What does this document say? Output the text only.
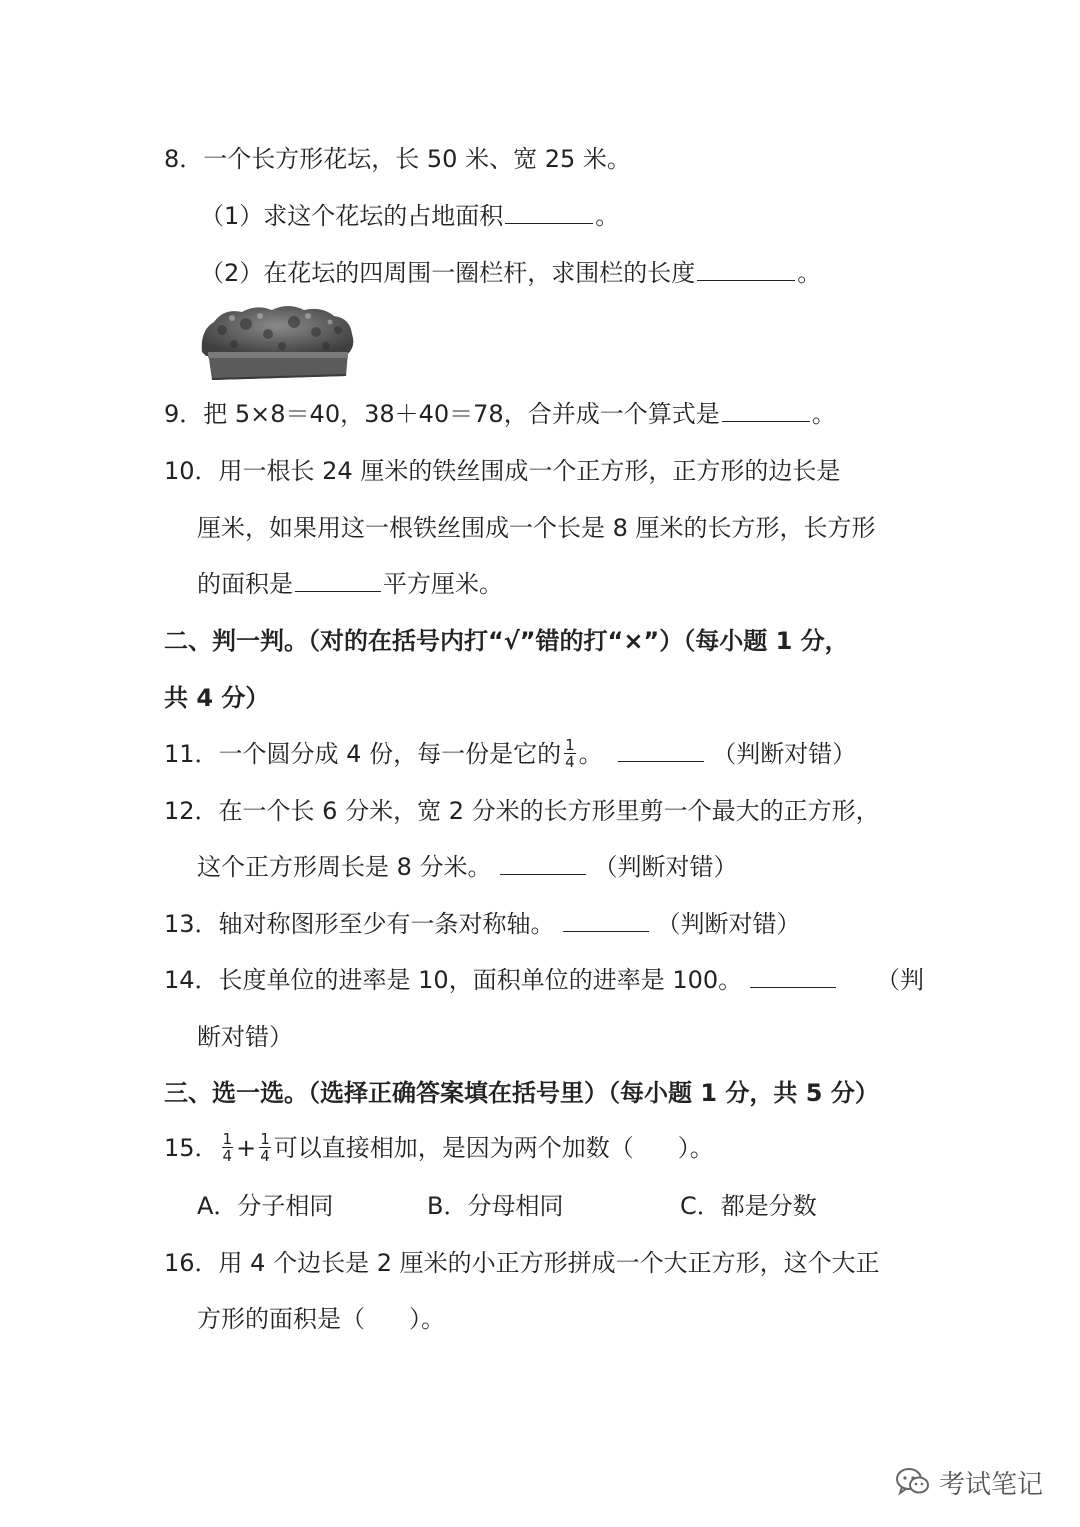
8．一个长方形花坛，长 50 米、宽 25 米。
（1）求这个花坛的占地面积	。
（2）在花坛的四周围一圈栏杆，求围栏的长度	。
9．把 5×8＝40，38＋40＝78，合并成一个算式是	。
10．用一根长 24 厘米的铁丝围成一个正方形，正方形的边长是
厘米，如果用这一根铁丝围成一个长是 8 厘米的长方形，长方形
的面积是	平方厘米。
二、判一判。（对的在括号内打“√”错的打“×”）（每小题 1 分，
共 4 分）
11．一个圆分成 4 份，每一份是它的 $\frac{1}{4}$ 。	（判断对错）
12．在一个长 6 分米，宽 2 分米的长方形里剪一个最大的正方形，
这个正方形周长是 8 分米。	（判断对错）
13．轴对称图形至少有一条对称轴。	（判断对错）
14．长度单位的进率是 10，面积单位的进率是 100。	（判
断对错）
三、选一选。（选择正确答案填在括号里）（每小题 1 分，共 5 分）
15． $\frac{1}{4} + \frac{1}{4}$ 可以直接相加，是因为两个加数（ ）。
A．分子相同	B．分母相同	C．都是分数
16．用 4 个边长是 2 厘米的小正方形拼成一个大正方形，这个大正
方形的面积是（ ）。
考试笔记
